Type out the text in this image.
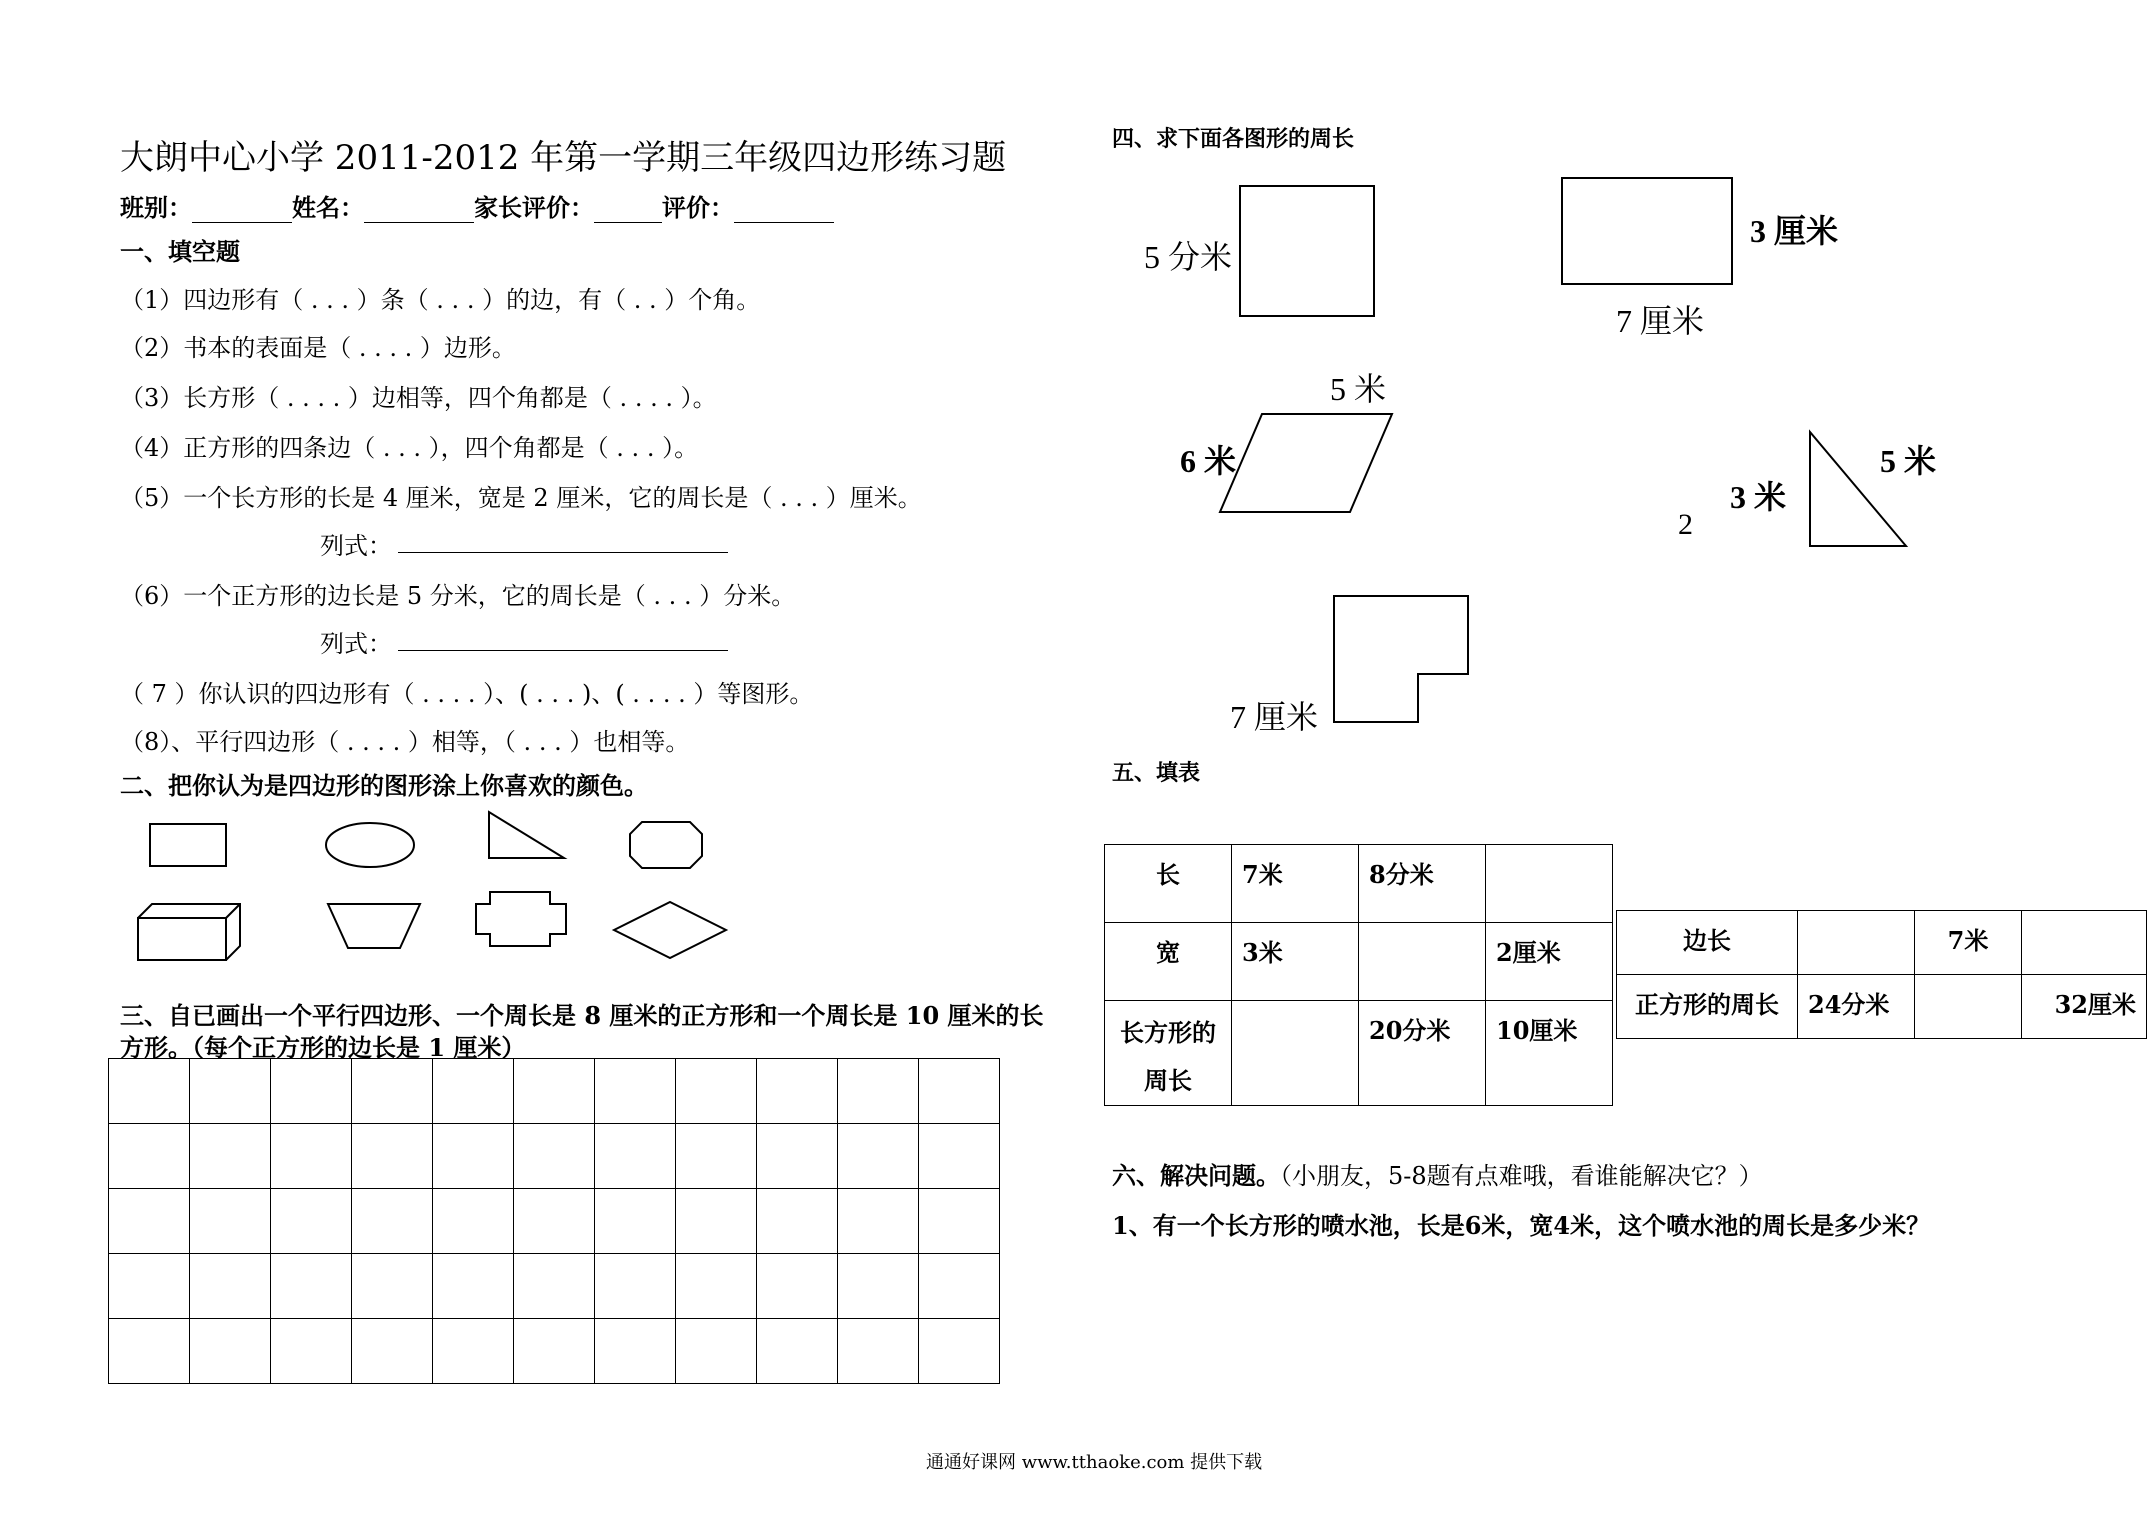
大朗中心小学 2011-2012 年第一学期三年级四边形练习题
班别：	姓名：	家长评价：	评价：
一、填空题
（1）四边形有（ . . . ）条（ . . . ）的边，有（ . . ）个角。
（2）书本的表面是（ . . . . ）边形。
（3）长方形（ . . . . ）边相等，四个角都是（ . . . . ）。
（4）正方形的四条边（ . . . ），四个角都是（ . . . ）。
（5）一个长方形的长是 4 厘米，宽是 2 厘米，它的周长是（ . . . ）厘米。
列式：
（6）一个正方形的边长是 5 分米，它的周长是（ . . . ）分米。
列式：
（ 7 ）你认识的四边形有（ . . . . ）、( . . . )、( . . . . ）等图形。
（8）、平行四边形（ . . . . ）相等，（ . . . ）也相等。
二、把你认为是四边形的图形涂上你喜欢的颜色。
三、自已画出一个平行四边形、一个周长是 8 厘米的正方形和一个周长是 10 厘米的长
方形。（每个正方形的边长是 1 厘米）

四、求下面各图形的周长
5 分米
3 厘米
7 厘米
5 米
6 米
3 米
5 米
2
7 厘米
五、填表
长	7米	8分米	
宽	3米		2厘米

长方形的
周长		20分米	10厘米
边长		7米	
正方形的周长	24分米		32厘米
六、解决问题。（小朋友，5-8题有点难哦，看谁能解决它？）
1、有一个长方形的喷水池，长是6米，宽4米，这个喷水池的周长是多少米？
通通好课网 www.tthaoke.com 提供下载
